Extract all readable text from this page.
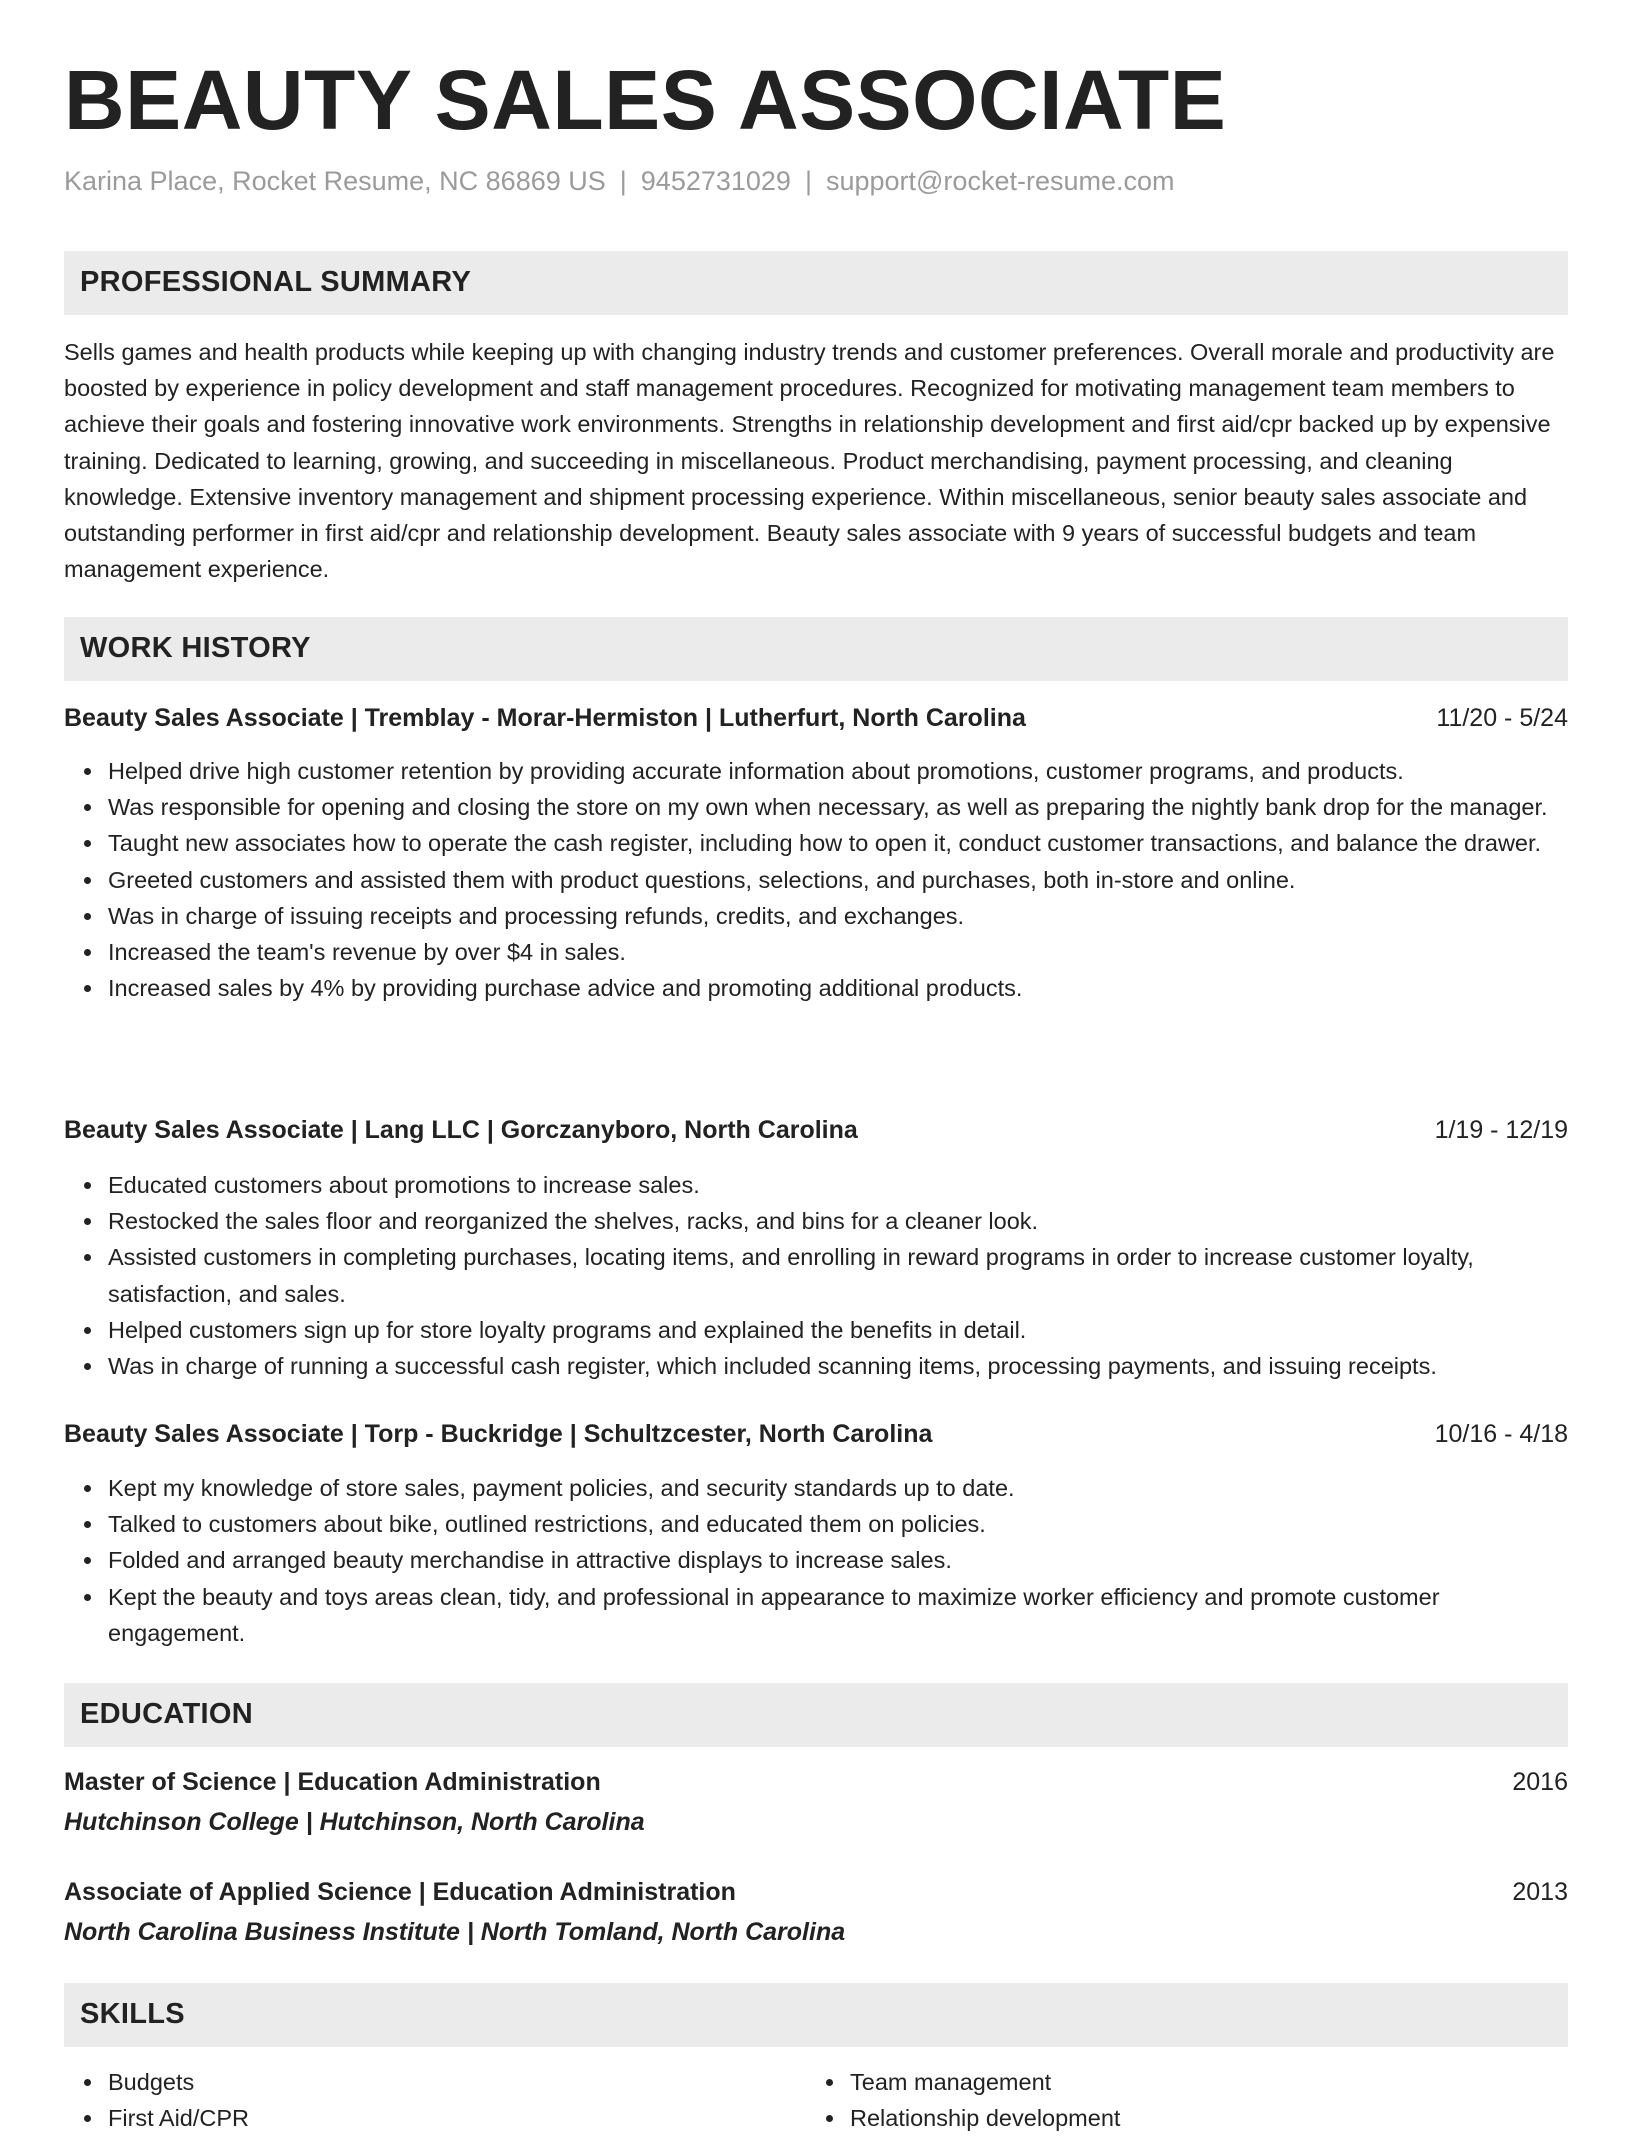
BEAUTY SALES ASSOCIATE
Karina Place, Rocket Resume, NC 86869 US | 9452731029 | support@rocket-resume.com
PROFESSIONAL SUMMARY

Sells games and health products while keeping up with changing industry trends and customer preferences. Overall morale and productivity are boosted by experience in policy development and staff management procedures. Recognized for motivating management team members to achieve their goals and fostering innovative work environments. Strengths in relationship development and first aid/cpr backed up by expensive training. Dedicated to learning, growing, and succeeding in miscellaneous. Product merchandising, payment processing, and cleaning knowledge. Extensive inventory management and shipment processing experience. Within miscellaneous, senior beauty sales associate and outstanding performer in first aid/cpr and relationship development. Beauty sales associate with 9 years of successful budgets and team management experience.

WORK HISTORY
Beauty Sales Associate | Tremblay - Morar-Hermiston | Lutherfurt, North Carolina	11/20 - 5/24
Helped drive high customer retention by providing accurate information about promotions, customer programs, and products.
Was responsible for opening and closing the store on my own when necessary, as well as preparing the nightly bank drop for the manager.
Taught new associates how to operate the cash register, including how to open it, conduct customer transactions, and balance the drawer.
Greeted customers and assisted them with product questions, selections, and purchases, both in-store and online.
Was in charge of issuing receipts and processing refunds, credits, and exchanges.
Increased the team's revenue by over $4 in sales.
Increased sales by 4% by providing purchase advice and promoting additional products.
Beauty Sales Associate | Lang LLC | Gorczanyboro, North Carolina	1/19 - 12/19
Educated customers about promotions to increase sales.
Restocked the sales floor and reorganized the shelves, racks, and bins for a cleaner look.
Assisted customers in completing purchases, locating items, and enrolling in reward programs in order to increase customer loyalty, satisfaction, and sales.
Helped customers sign up for store loyalty programs and explained the benefits in detail.
Was in charge of running a successful cash register, which included scanning items, processing payments, and issuing receipts.
Beauty Sales Associate | Torp - Buckridge | Schultzcester, North Carolina	10/16 - 4/18
Kept my knowledge of store sales, payment policies, and security standards up to date.
Talked to customers about bike, outlined restrictions, and educated them on policies.
Folded and arranged beauty merchandise in attractive displays to increase sales.
Kept the beauty and toys areas clean, tidy, and professional in appearance to maximize worker efficiency and promote customer engagement.
EDUCATION
Master of Science | Education Administration	2016
Hutchinson College | Hutchinson, North Carolina
Associate of Applied Science | Education Administration	2013
North Carolina Business Institute | North Tomland, North Carolina
SKILLS
Budgets
First Aid/CPR
Team management
Relationship development
